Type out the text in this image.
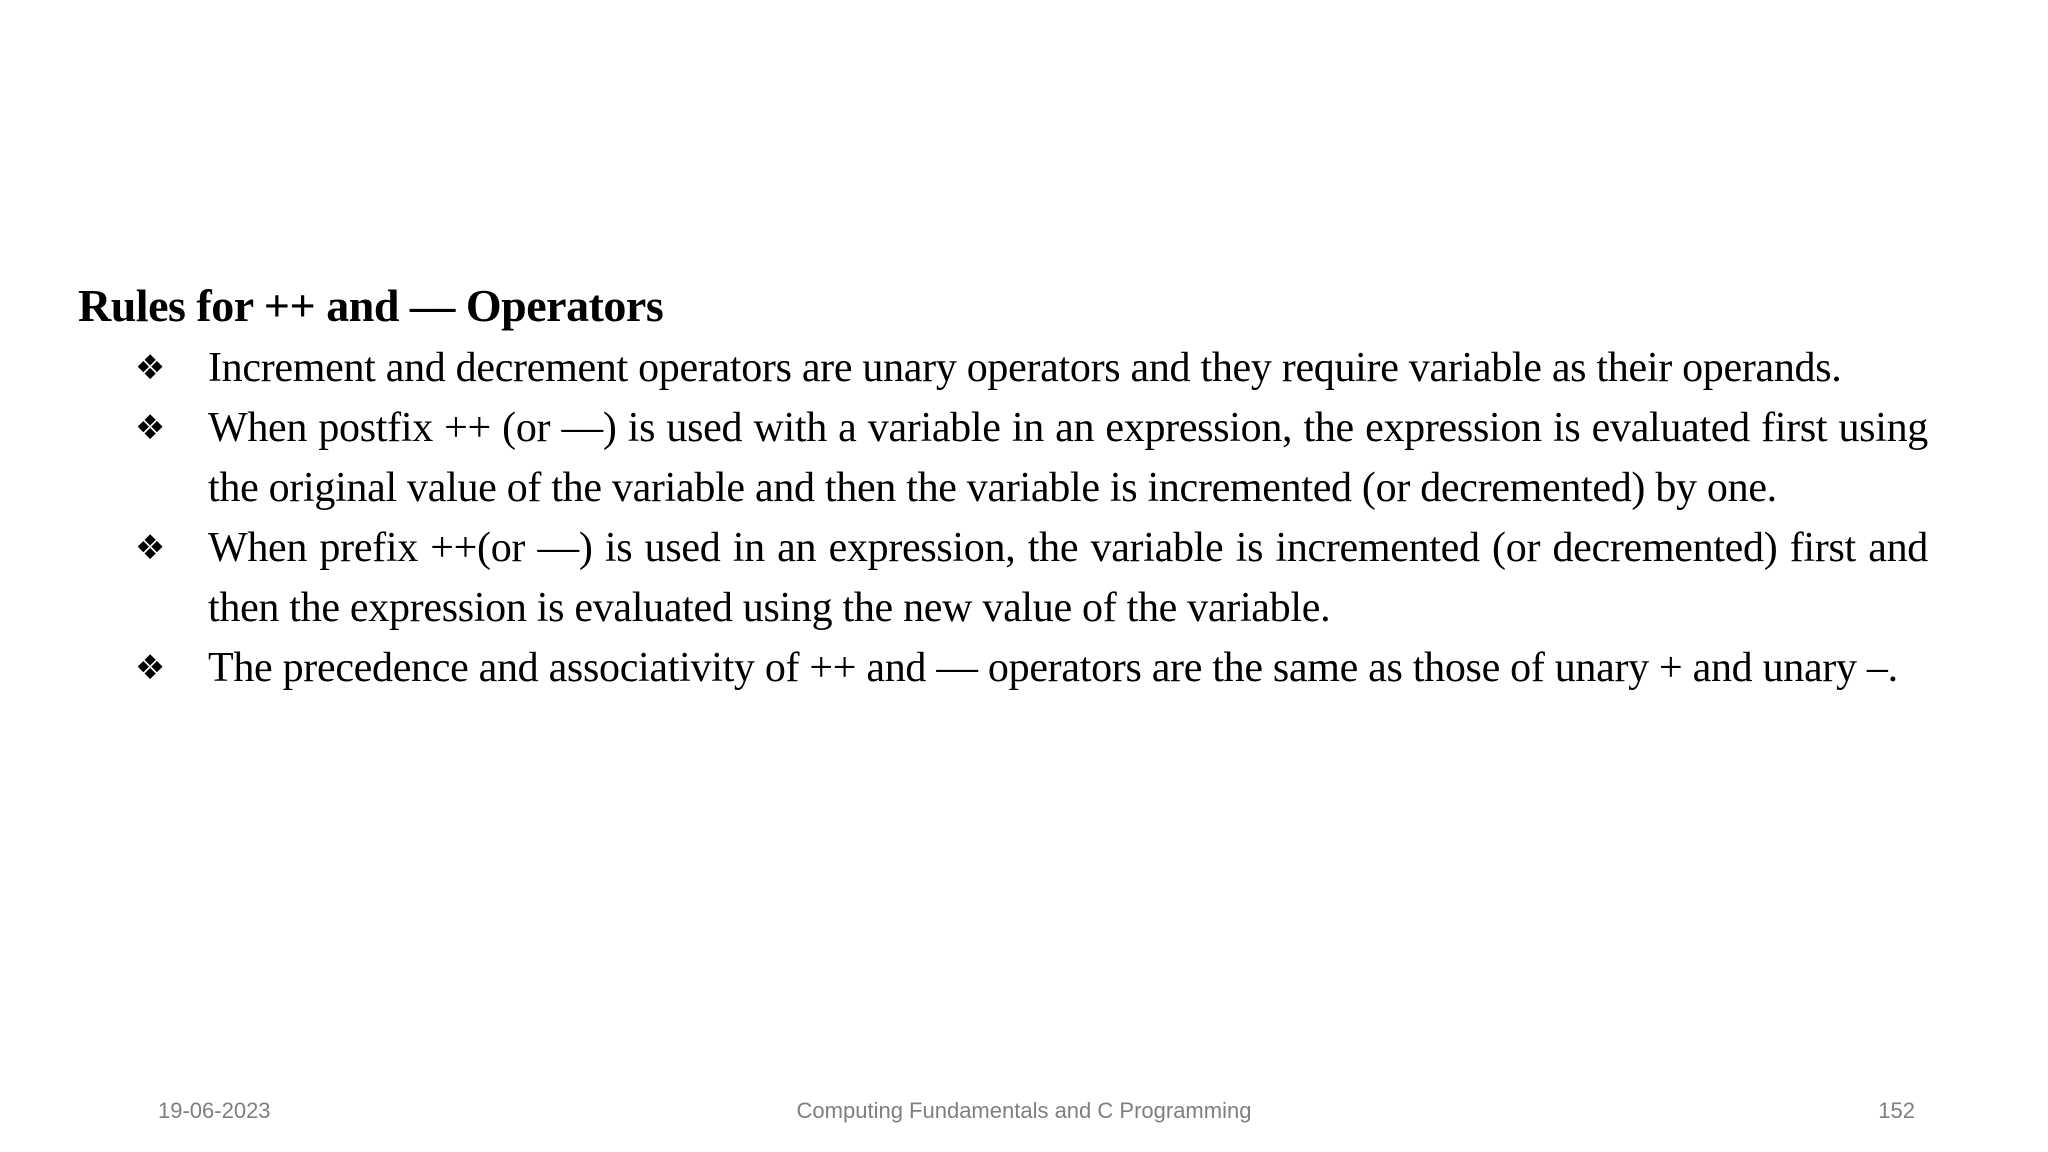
Rules for ++ and –– Operators
❖ Increment and decrement operators are unary operators and they require variable as their operands.
❖ When postfix ++ (or ––) is used with a variable in an expression, the expression is evaluated first using the original value of the variable and then the variable is incremented (or decremented) by one.
❖ When prefix ++(or ––) is used in an expression, the variable is incremented (or decremented) first and then the expression is evaluated using the new value of the variable.
❖ The precedence and associativity of ++ and –– operators are the same as those of unary + and unary –.
19-06-2023	Computing Fundamentals and C Programming	152
